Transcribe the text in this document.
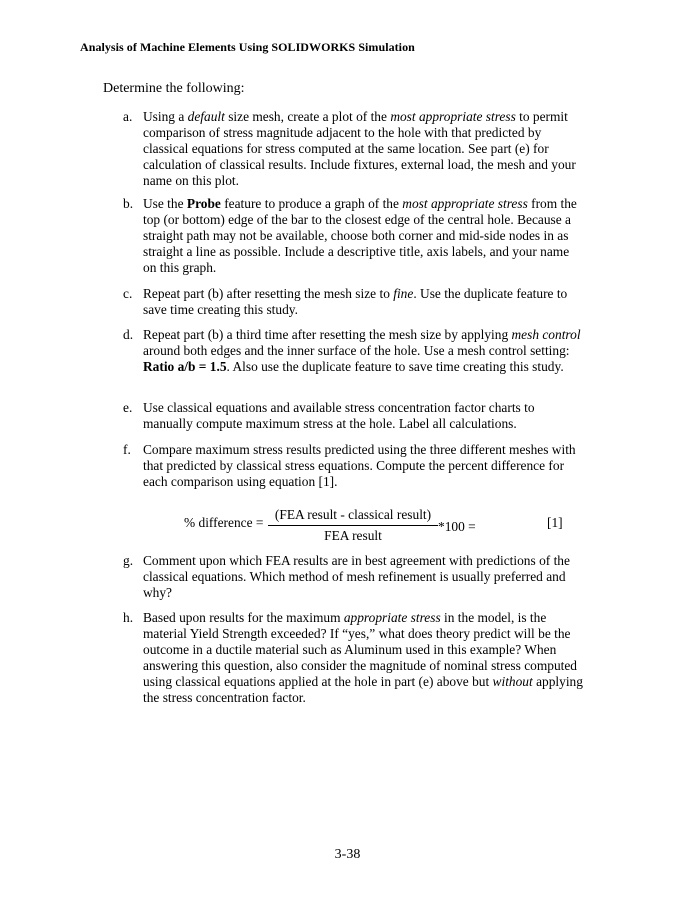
Analysis of Machine Elements Using SOLIDWORKS Simulation
Determine the following:
a. Using a default size mesh, create a plot of the most appropriate stress to permit comparison of stress magnitude adjacent to the hole with that predicted by classical equations for stress computed at the same location. See part (e) for calculation of classical results. Include fixtures, external load, the mesh and your name on this plot.
b. Use the Probe feature to produce a graph of the most appropriate stress from the top (or bottom) edge of the bar to the closest edge of the central hole. Because a straight path may not be available, choose both corner and mid-side nodes in as straight a line as possible. Include a descriptive title, axis labels, and your name on this graph.
c. Repeat part (b) after resetting the mesh size to fine. Use the duplicate feature to save time creating this study.
d. Repeat part (b) a third time after resetting the mesh size by applying mesh control around both edges and the inner surface of the hole. Use a mesh control setting: Ratio a/b = 1.5. Also use the duplicate feature to save time creating this study.
e. Use classical equations and available stress concentration factor charts to manually compute maximum stress at the hole. Label all calculations.
f. Compare maximum stress results predicted using the three different meshes with that predicted by classical stress equations. Compute the percent difference for each comparison using equation [1].
% difference =
(FEA result - classical result)
FEA result
*100 =	[1]
g. Comment upon which FEA results are in best agreement with predictions of the classical equations. Which method of mesh refinement is usually preferred and why?
h. Based upon results for the maximum appropriate stress in the model, is the material Yield Strength exceeded? If “yes,” what does theory predict will be the outcome in a ductile material such as Aluminum used in this example? When answering this question, also consider the magnitude of nominal stress computed using classical equations applied at the hole in part (e) above but without applying the stress concentration factor.
3-38
